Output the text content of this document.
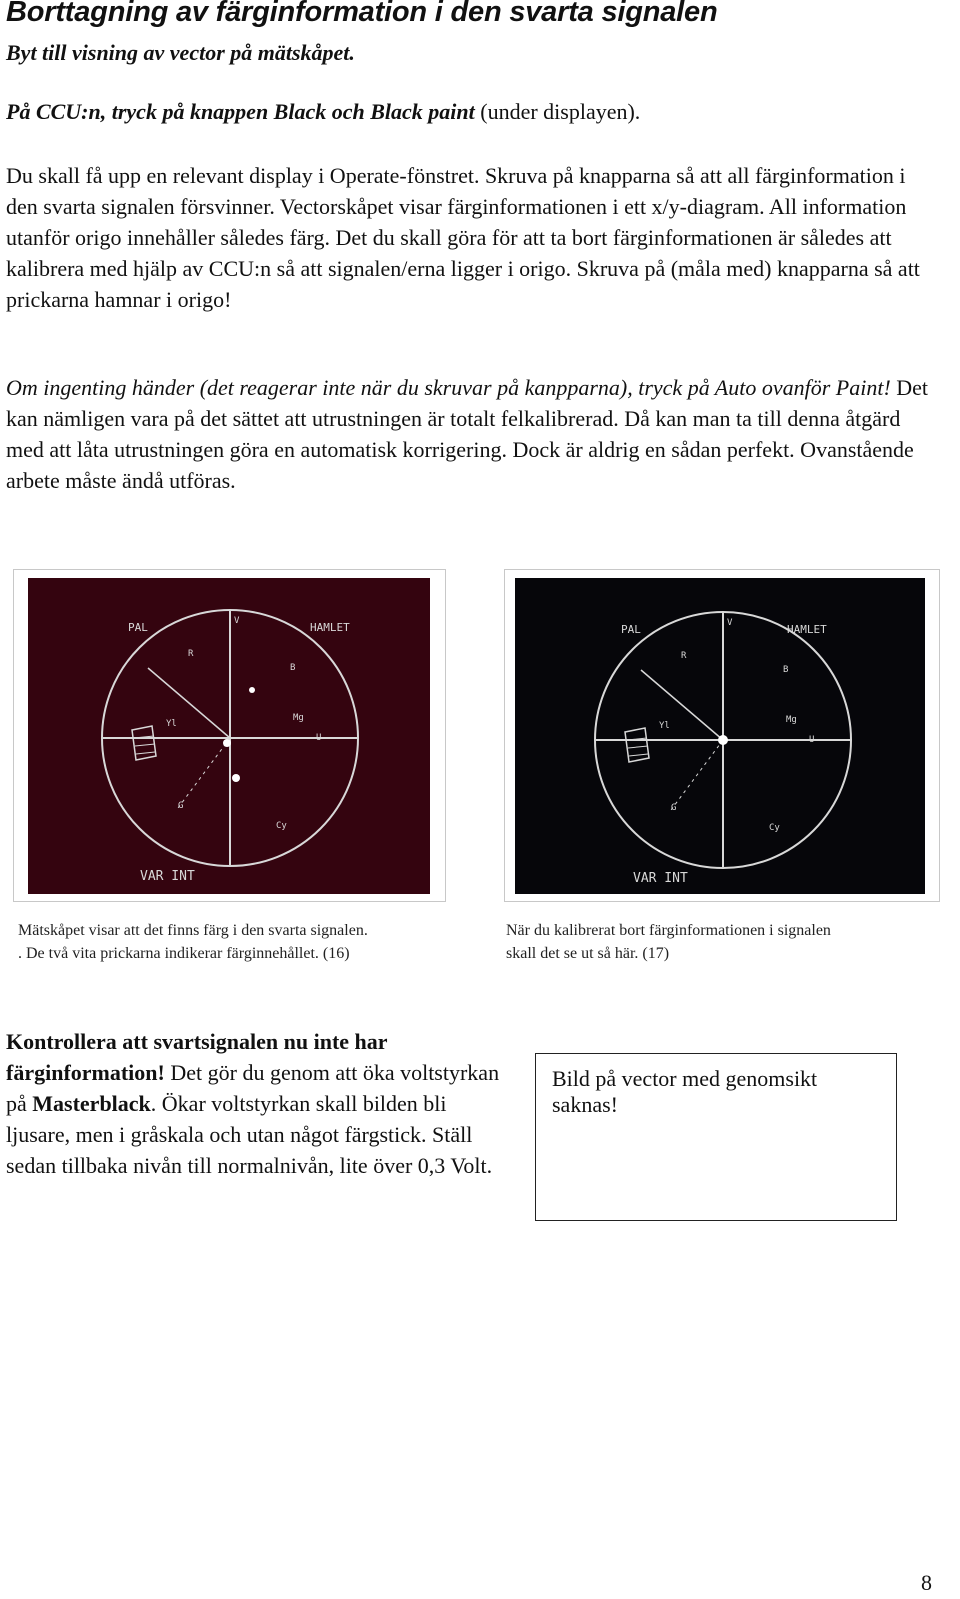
Borttagning av färginformation i den svarta signalen
Byt till visning av vector på mätskåpet.
På CCU:n, tryck på knappen Black och Black paint (under displayen).

Du skall få upp en relevant display i Operate-fönstret. Skruva på knapparna så att all färginformation i den svarta signalen försvinner. Vectorskåpet visar färginformationen i ett x/y-diagram. All information utanför origo innehåller således färg. Det du skall göra för att ta bort färginformationen är således att kalibrera med hjälp av CCU:n så att signalen/erna ligger i origo. Skruva på (måla med) knapparna så att prickarna hamnar i origo!

Om ingenting händer (det reagerar inte när du skruvar på kanpparna), tryck på Auto ovanför Paint! Det kan nämligen vara på det sättet att utrustningen är totalt felkalibrerad. Då kan man ta till denna åtgärd med att låta utrustningen göra en automatisk korrigering. Dock är aldrig en sådan perfekt. Ovanstående arbete måste ändå utföras.

PAL	HAMLET
VAR INT
V
U
R
Mg
B
Cy
G
Yl
Mätskåpet visar att det finns färg i den svarta signalen.
. De två vita prickarna indikerar färginnehållet. (16)
PAL	HAMLET
VAR INT
V
U
R
Mg
B
Cy
G
Yl
När du kalibrerat bort färginformationen i signalen
skall det se ut så här. (17)

Kontrollera att svartsignalen nu inte har färginformation! Det gör du genom att öka voltstyrkan på Masterblack. Ökar voltstyrkan skall bilden bli ljusare, men i gråskala och utan något färgstick. Ställ sedan tillbaka nivån till normalnivån, lite över 0,3 Volt.

Bild på vector med genomsikt saknas!
8
